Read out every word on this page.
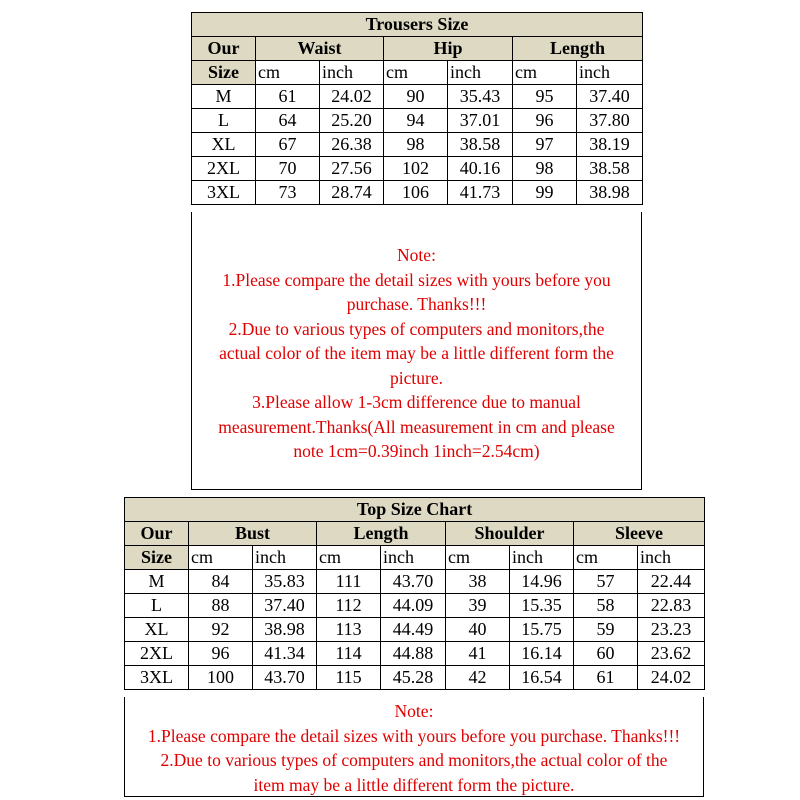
Trousers Size						
Our	Waist		Hip		Length	
Size	cm	inch	cm	inch	cm	inch
M	61	24.02	90	35.43	95	37.40
L	64	25.20	94	37.01	96	37.80
XL	67	26.38	98	38.58	97	38.19
2XL	70	27.56	102	40.16	98	38.58
3XL	73	28.74	106	41.73	99	38.98

Note:

1.Please compare the detail sizes with yours before you

purchase. Thanks!!!

2.Due to various types of computers and monitors,the

actual color of the item may be a little different form the

picture.

3.Please allow 1-3cm difference due to manual

measurement.Thanks(All measurement in cm and please

note 1cm=0.39inch 1inch=2.54cm)

Top Size Chart								
Our	Bust		Length		Shoulder		Sleeve	
Size	cm	inch	cm	inch	cm	inch	cm	inch
M	84	35.83	111	43.70	38	14.96	57	22.44
L	88	37.40	112	44.09	39	15.35	58	22.83
XL	92	38.98	113	44.49	40	15.75	59	23.23
2XL	96	41.34	114	44.88	41	16.14	60	23.62
3XL	100	43.70	115	45.28	42	16.54	61	24.02

Note:

1.Please compare the detail sizes with yours before you purchase. Thanks!!!

2.Due to various types of computers and monitors,the actual color of the

item may be a little different form the picture.
